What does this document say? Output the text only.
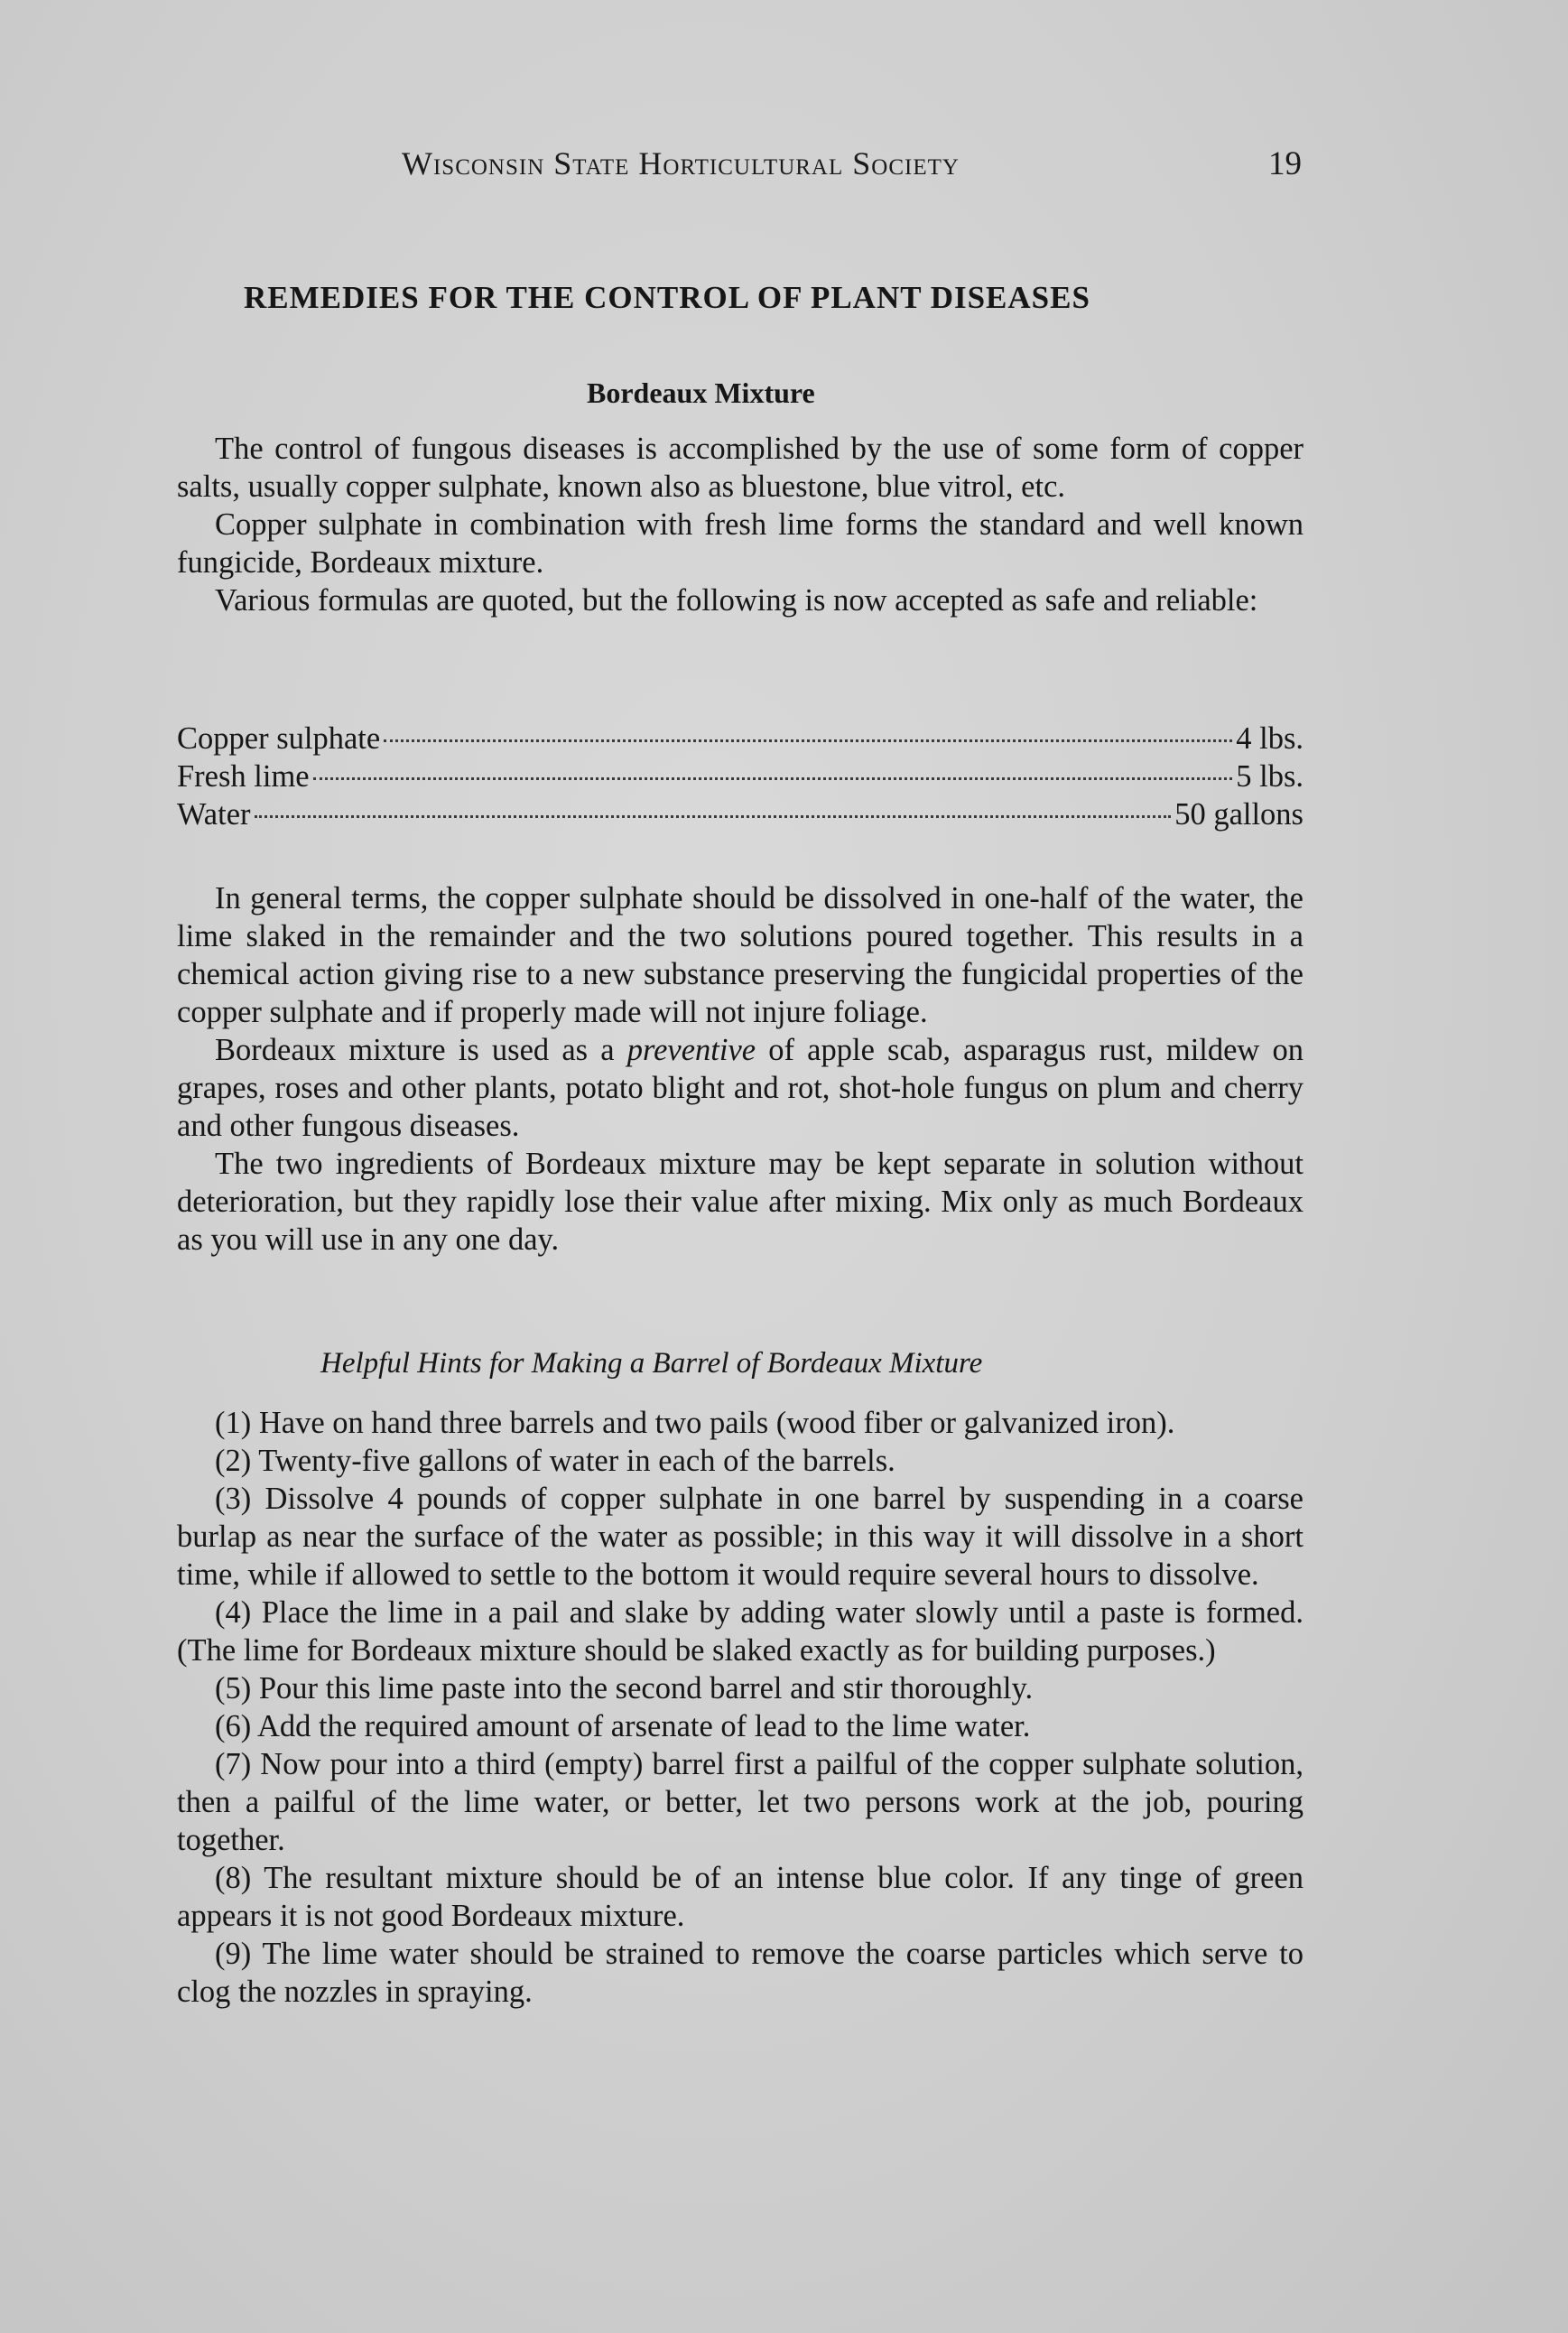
Wisconsin State Horticultural Society	19
REMEDIES FOR THE CONTROL OF PLANT DISEASES
Bordeaux Mixture

The control of fungous diseases is accomplished by the use of some form of copper salts, usually copper sulphate, known also as bluestone, blue vitrol, etc.

Copper sulphate in combination with fresh lime forms the standard and well known fungicide, Bordeaux mixture.

Various formulas are quoted, but the following is now accepted as safe and reliable:

Copper sulphate	4 lbs.
Fresh lime	5 lbs.
Water	50 gallons

In general terms, the copper sulphate should be dissolved in one-half of the water, the lime slaked in the remainder and the two solutions poured together. This results in a chemical action giving rise to a new substance preserving the fungicidal properties of the copper sulphate and if properly made will not injure foliage.

Bordeaux mixture is used as a preventive of apple scab, asparagus rust, mildew on grapes, roses and other plants, potato blight and rot, shot-hole fungus on plum and cherry and other fungous diseases.

The two ingredients of Bordeaux mixture may be kept separate in solution without deterioration, but they rapidly lose their value after mixing. Mix only as much Bordeaux as you will use in any one day.

Helpful Hints for Making a Barrel of Bordeaux Mixture

(1) Have on hand three barrels and two pails (wood fiber or galvanized iron).

(2) Twenty-five gallons of water in each of the barrels.

(3) Dissolve 4 pounds of copper sulphate in one barrel by suspending in a coarse burlap as near the surface of the water as possible; in this way it will dissolve in a short time, while if allowed to settle to the bottom it would require several hours to dissolve.

(4) Place the lime in a pail and slake by adding water slowly until a paste is formed. (The lime for Bordeaux mixture should be slaked exactly as for building purposes.)

(5) Pour this lime paste into the second barrel and stir thoroughly.

(6) Add the required amount of arsenate of lead to the lime water.

(7) Now pour into a third (empty) barrel first a pailful of the copper sulphate solution, then a pailful of the lime water, or better, let two persons work at the job, pouring together.

(8) The resultant mixture should be of an intense blue color. If any tinge of green appears it is not good Bordeaux mixture.

(9) The lime water should be strained to remove the coarse particles which serve to clog the nozzles in spraying.
